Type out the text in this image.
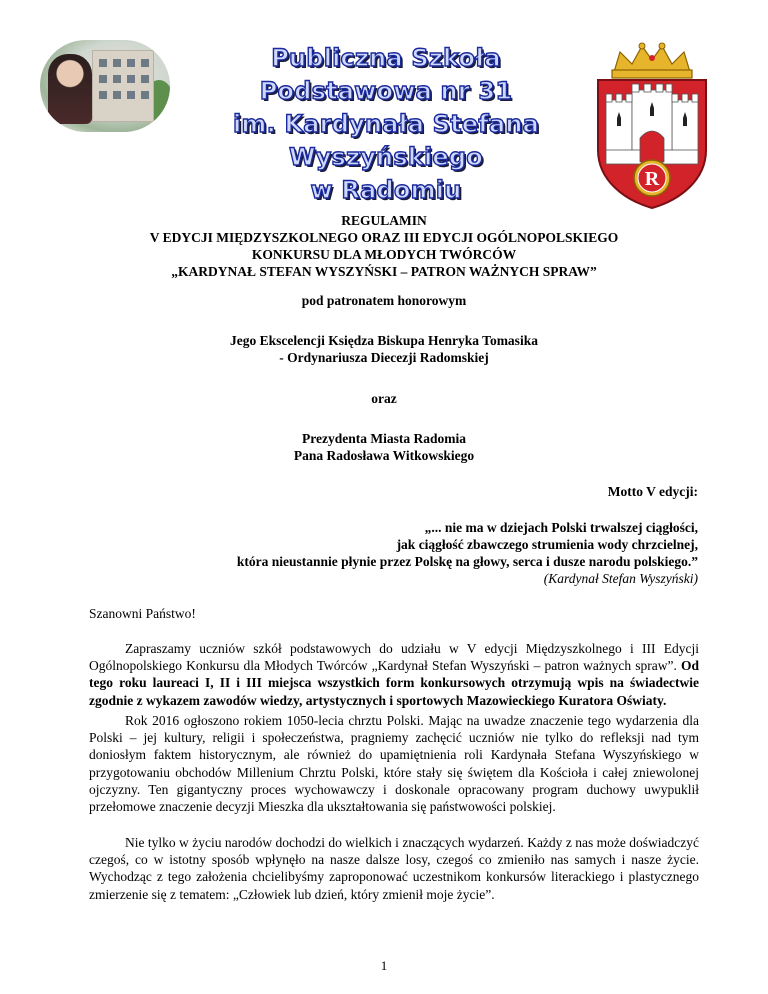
Publiczna Szkoła Podstawowa nr 31
im. Kardynała Stefana Wyszyńskiego
w Radomiu	R
REGULAMIN
V EDYCJI MIĘDZYSZKOLNEGO ORAZ III EDYCJI OGÓLNOPOLSKIEGO
KONKURSU DLA MŁODYCH TWÓRCÓW
„KARDYNAŁ STEFAN WYSZYŃSKI – PATRON WAŻNYCH SPRAW”
pod patronatem honorowym
Jego Ekscelencji Księdza Biskupa Henryka Tomasika
- Ordynariusza Diecezji Radomskiej
oraz
Prezydenta Miasta Radomia
Pana Radosława Witkowskiego
Motto V edycji:
„... nie ma w dziejach Polski trwalszej ciągłości,
jak ciągłość zbawczego strumienia wody chrzcielnej,
która nieustannie płynie przez Polskę na głowy, serca i dusze narodu polskiego.”
(Kardynał Stefan Wyszyński)
Szanowni Państwo!
Zapraszamy uczniów szkół podstawowych do udziału w V edycji Międzyszkolnego i III Edycji Ogólnopolskiego Konkursu dla Młodych Twórców „Kardynał Stefan Wyszyński – patron ważnych spraw”. Od tego roku laureaci I, II i III miejsca wszystkich form konkursowych otrzymują wpis na świadectwie zgodnie z wykazem zawodów wiedzy, artystycznych i sportowych Mazowieckiego Kuratora Oświaty.
Rok 2016 ogłoszono rokiem 1050-lecia chrztu Polski. Mając na uwadze znaczenie tego wydarzenia dla Polski – jej kultury, religii i społeczeństwa, pragniemy zachęcić uczniów nie tylko do refleksji nad tym doniosłym faktem historycznym, ale również do upamiętnienia roli Kardynała Stefana Wyszyńskiego w przygotowaniu obchodów Millenium Chrztu Polski, które stały się świętem dla Kościoła i całej zniewolonej ojczyzny. Ten gigantyczny proces wychowawczy i doskonale opracowany program duchowy uwypuklił przełomowe znaczenie decyzji Mieszka dla ukształtowania się państwowości polskiej.
Nie tylko w życiu narodów dochodzi do wielkich i znaczących wydarzeń. Każdy z nas może doświadczyć czegoś, co w istotny sposób wpłynęło na nasze dalsze losy, czegoś co zmieniło nas samych i nasze życie. Wychodząc z tego założenia chcielibyśmy zaproponować uczestnikom konkursów literackiego i plastycznego zmierzenie się z tematem: „Człowiek lub dzień, który zmienił moje życie”.
1
